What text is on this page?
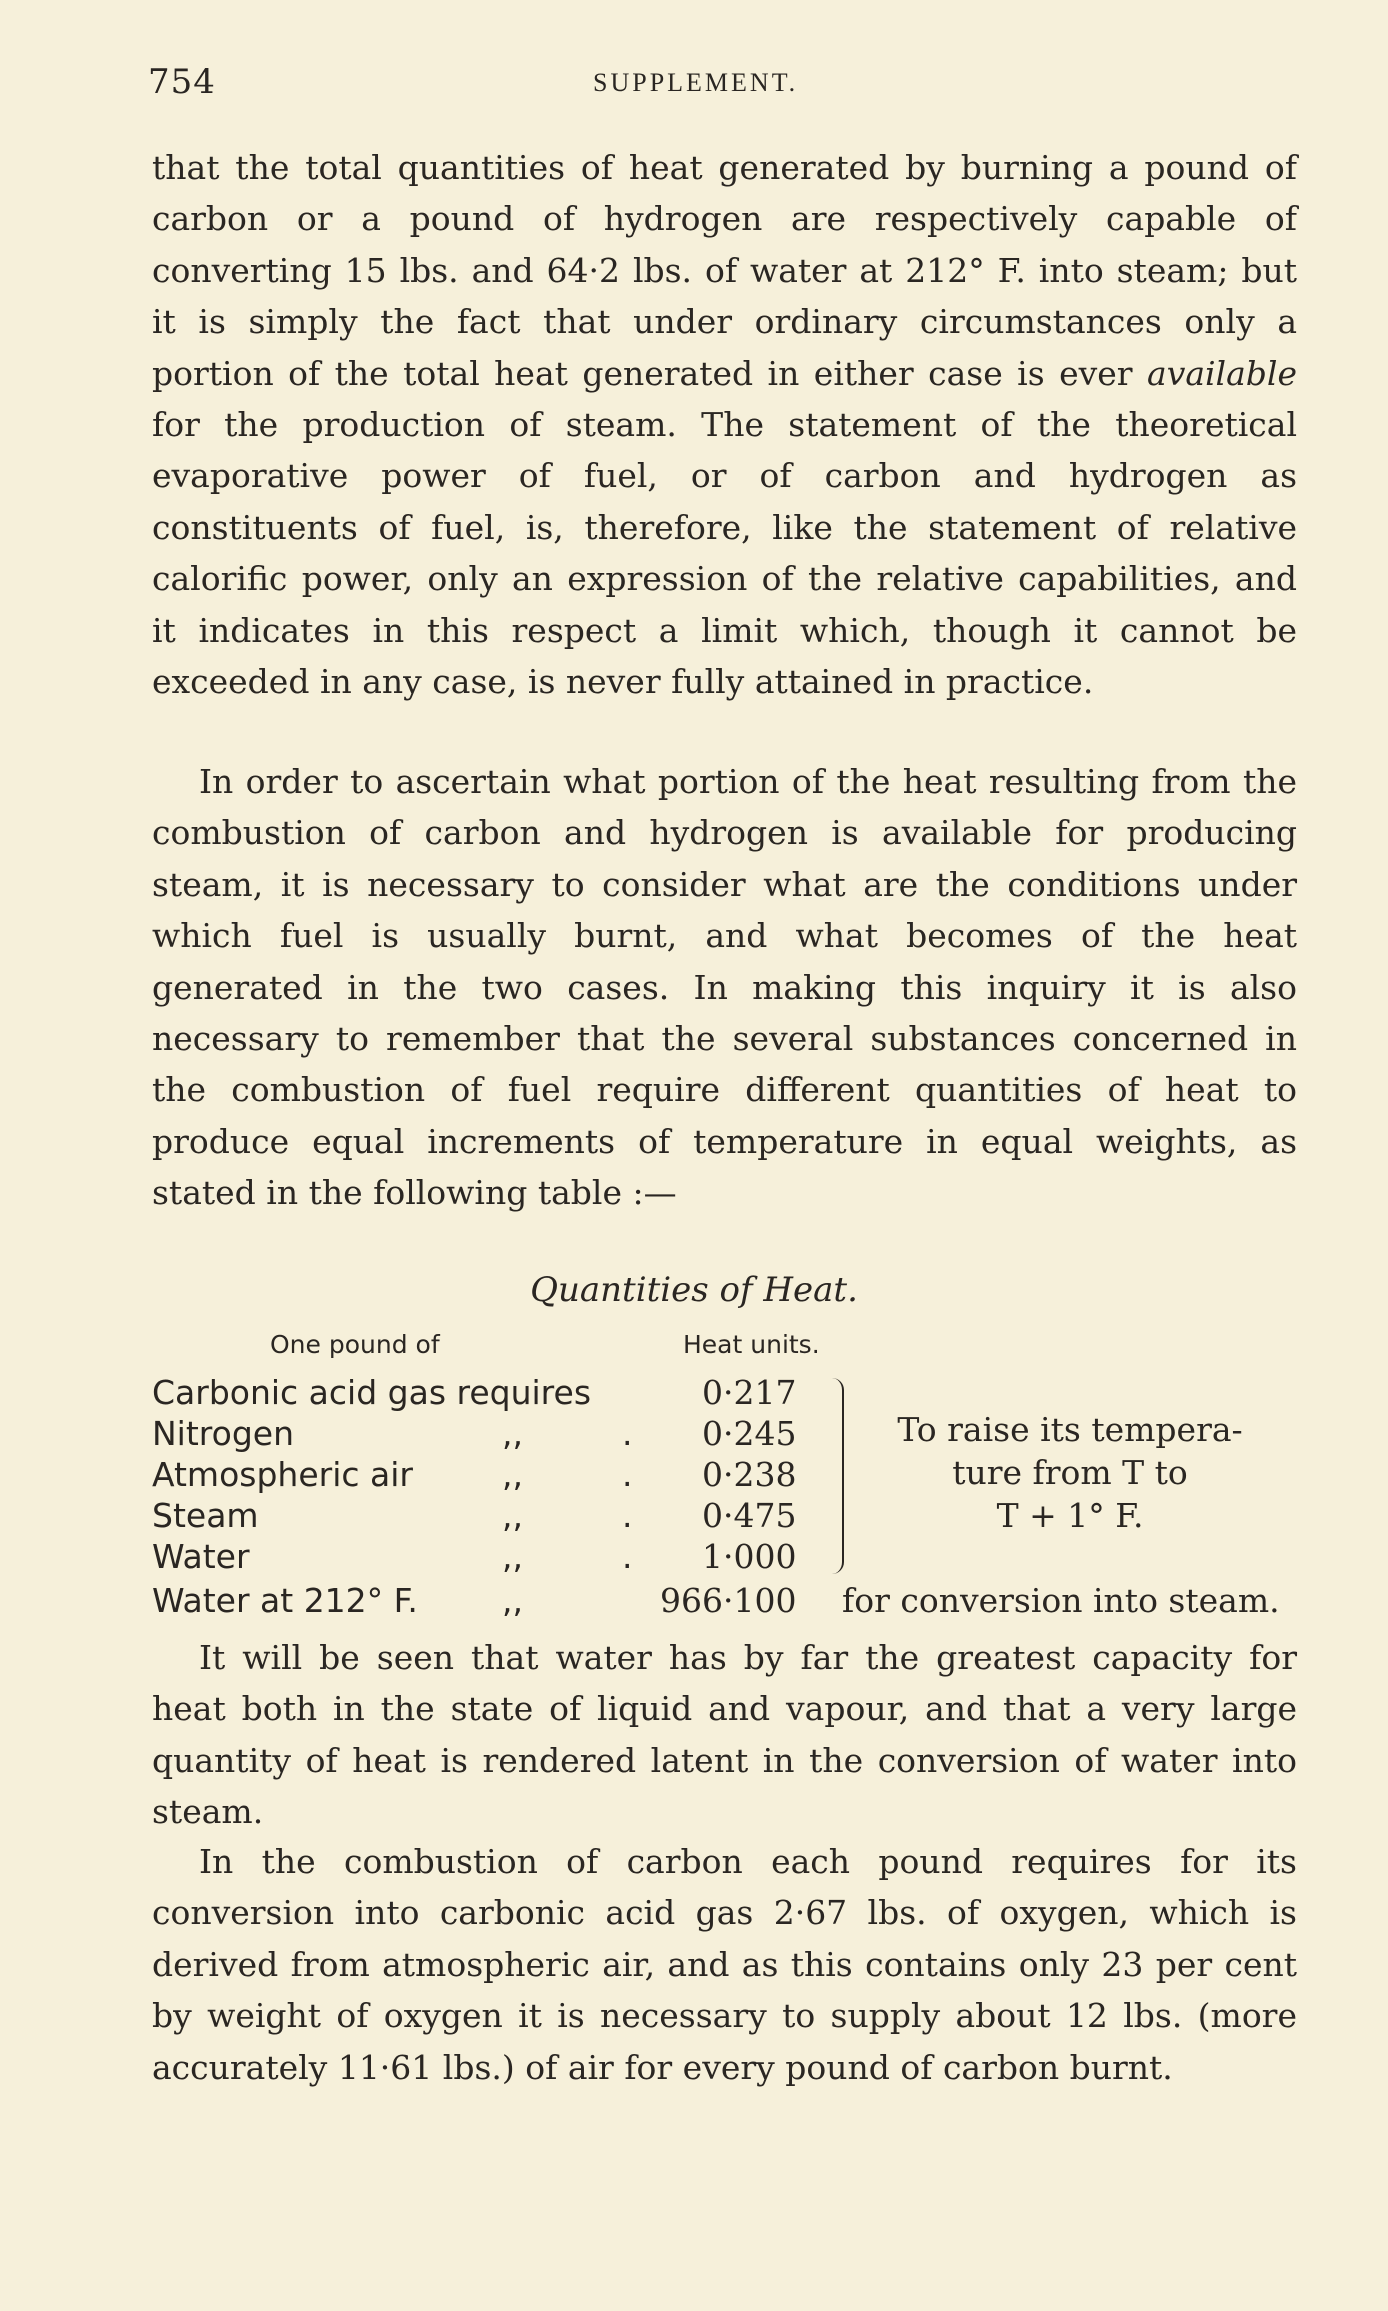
754	SUPPLEMENT.

that the total quantities of heat generated by burning a pound of carbon or a pound of hydrogen are respectively capable of converting 15 lbs. and 64·2 lbs. of water at 212° F. into steam; but it is simply the fact that under ordinary circumstances only a portion of the total heat generated in either case is ever available for the production of steam. The statement of the theoretical evaporative power of fuel, or of carbon and hydrogen as constituents of fuel, is, therefore, like the statement of relative calorific power, only an expression of the relative capabilities, and it indicates in this respect a limit which, though it cannot be exceeded in any case, is never fully attained in practice.

In order to ascertain what portion of the heat resulting from the combustion of carbon and hydrogen is available for producing steam, it is necessary to consider what are the conditions under which fuel is usually burnt, and what becomes of the heat generated in the two cases. In making this inquiry it is also necessary to remember that the several substances concerned in the combustion of fuel require different quantities of heat to produce equal increments of temperature in equal weights, as stated in the following table :—

Quantities of Heat.
One pound of	Heat units.
Carbonic acid gas requires	0·217
Nitrogen	,,	. 0·245
Atmospheric air	,,	. 0·238
Steam	,,	. 0·475
Water	,,	. 1·000
Water at 212° F.	,,	966·100 for conversion into steam.
To raise its tempera-
ture from T to
T + 1° F.

It will be seen that water has by far the greatest capacity for heat both in the state of liquid and vapour, and that a very large quantity of heat is rendered latent in the conversion of water into steam.

In the combustion of carbon each pound requires for its conversion into carbonic acid gas 2·67 lbs. of oxygen, which is derived from atmospheric air, and as this contains only 23 per cent by weight of oxygen it is necessary to supply about 12 lbs. (more accurately 11·61 lbs.) of air for every pound of carbon burnt.
